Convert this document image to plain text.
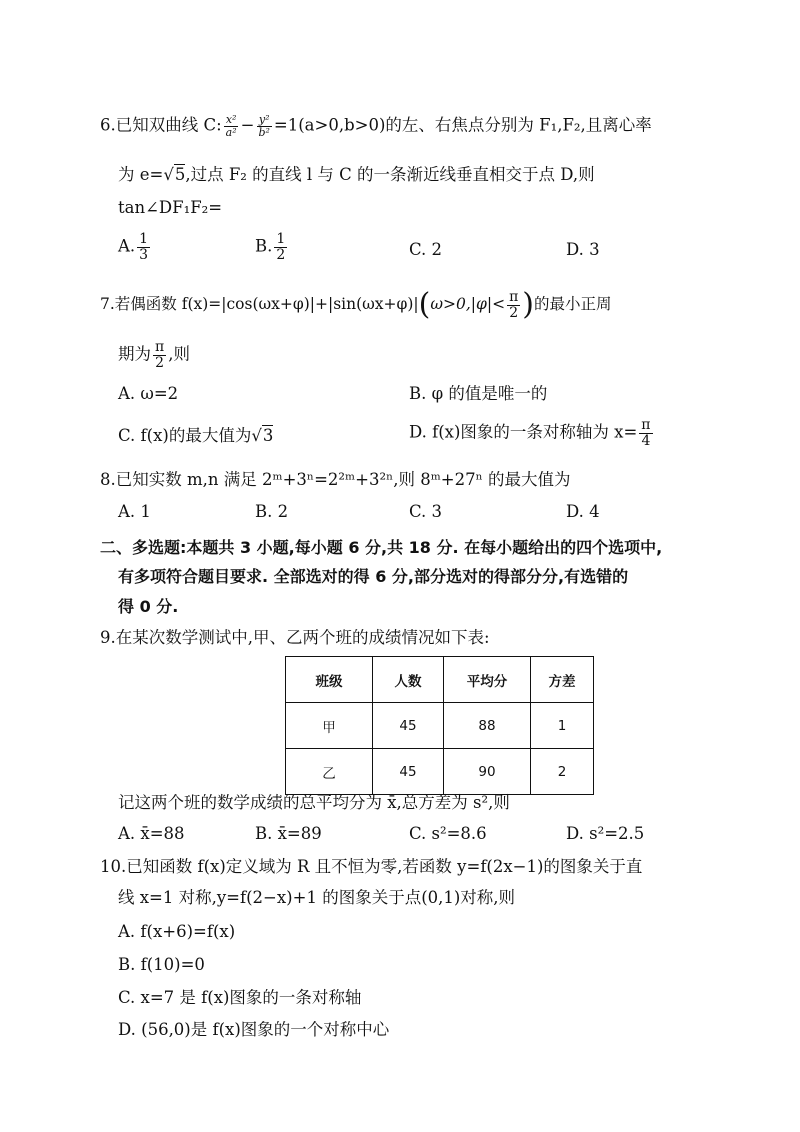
6.已知双曲线 C: $\frac{\text{x²}}{\text{a²}} - \frac{\text{y²}}{\text{b²}} =1(a>0,b>0)$的左、右焦点分别为 F₁,F₂,且离心率
为 e=√5,过点 F₂ 的直线 l 与 C 的一条渐近线垂直相交于点 D,则
tan∠DF₁F₂=
A. $\frac{1}{3}$	B. $\frac{1}{2}$	C. 2	D. 3
7.若偶函数 $f(x)=|\cos(\omega x+\varphi)|+|\sin(\omega x+\varphi)|(\omega>0,|\varphi|< \frac{\pi}{2}$ )的最小正周
期为 $\frac{\pi}{2}$ ,则
A. ω=2	B. φ 的值是唯一的
C. f(x)的最大值为√3	D. f(x)图象的一条对称轴为 $x= \frac{\pi}{4}$
8.已知实数 m,n 满足 2ᵐ+3ⁿ=2²ᵐ+3²ⁿ,则 8ᵐ+27ⁿ 的最大值为
A. 1	B. 2	C. 3	D. 4
二、多选题:本题共 3 小题,每小题 6 分,共 18 分. 在每小题给出的四个选项中,
有多项符合题目要求. 全部选对的得 6 分,部分选对的得部分分,有选错的
得 0 分.
9.在某次数学测试中,甲、乙两个班的成绩情况如下表:
班级	人数	平均分	方差
甲	45	88	1
乙	45	90	2
记这两个班的数学成绩的总平均分为 x̄,总方差为 s²,则
A. x̄=88	B. x̄=89	C. s²=8.6	D. s²=2.5
10.已知函数 f(x)定义域为 R 且不恒为零,若函数 y=f(2x−1)的图象关于直
线 x=1 对称,y=f(2−x)+1 的图象关于点(0,1)对称,则
A. f(x+6)=f(x)
B. f(10)=0
C. x=7 是 f(x)图象的一条对称轴
D. (56,0)是 f(x)图象的一个对称中心
